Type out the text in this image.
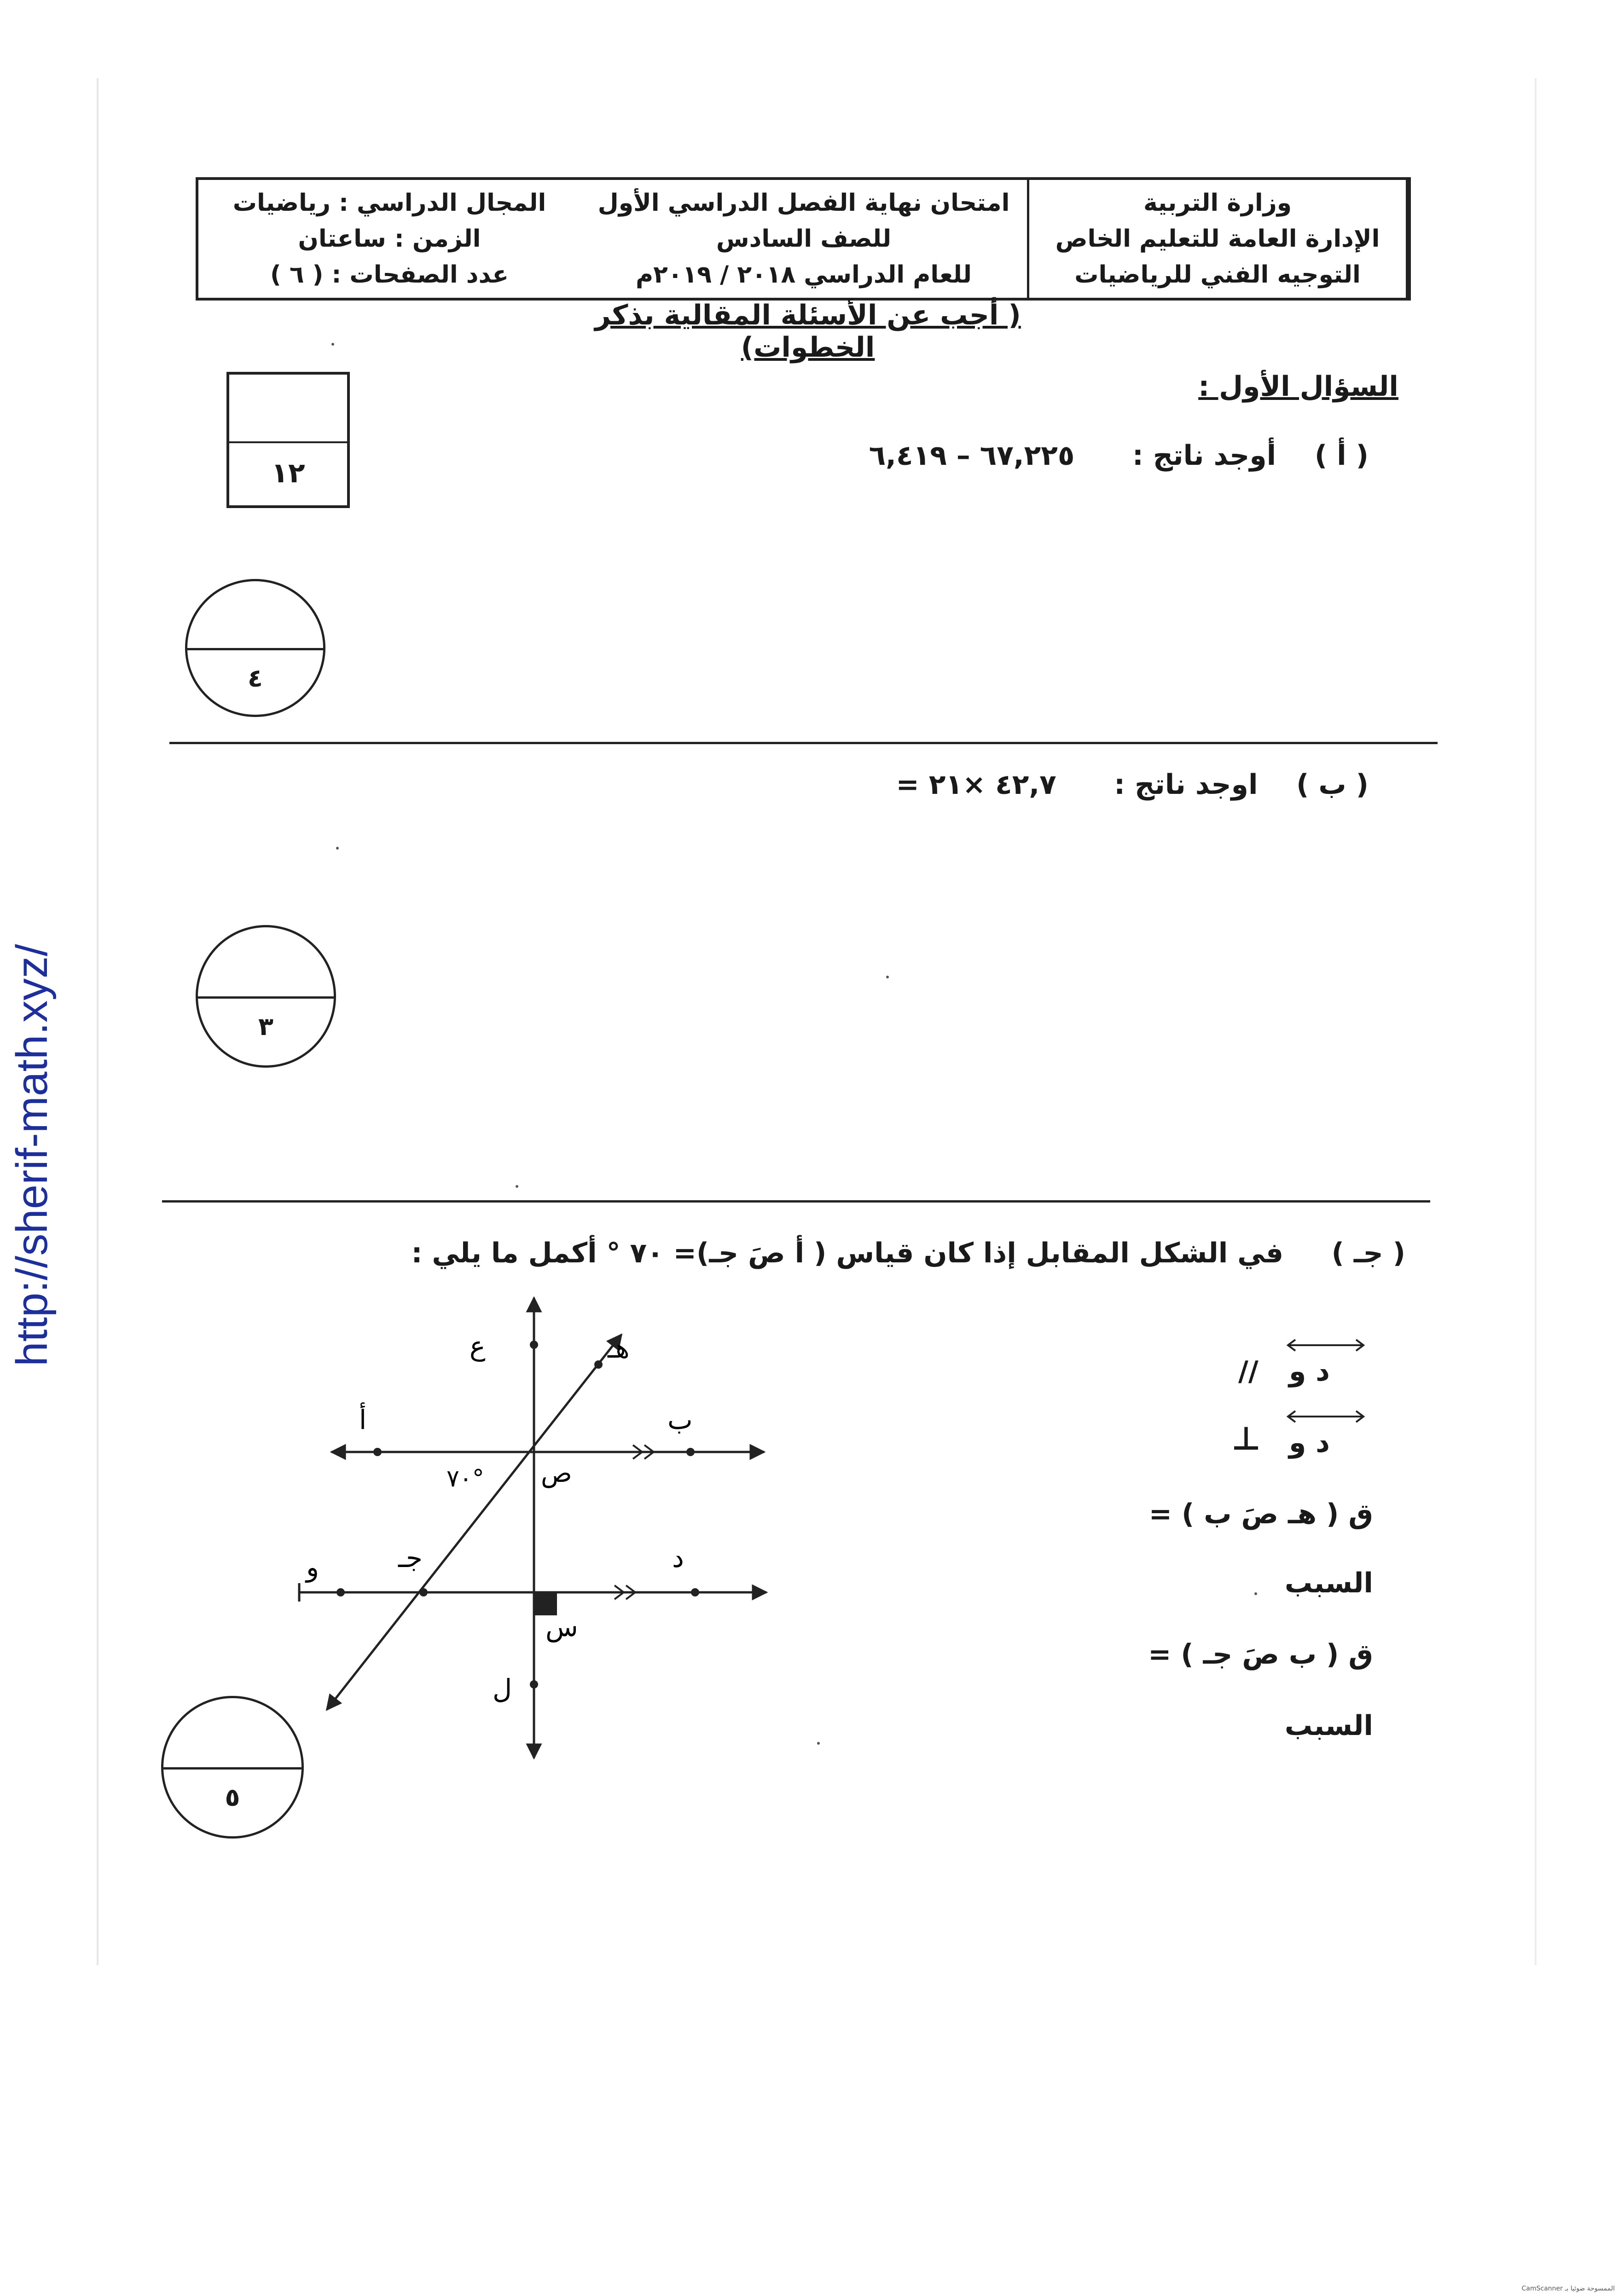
http://sherif-math.xyz/
المجال الدراسي : رياضيات
الزمن : ساعتان
عدد الصفحات : ( ٦ )
امتحان نهاية الفصل الدراسي الأول
للصف السادس
للعام الدراسي ٢٠١٨ / ٢٠١٩م
وزارة التربية
الإدارة العامة للتعليم الخاص
التوجيه الفني للرياضيات
( أجب عن الأسئلة المقالية بذكر الخطوات)
السؤال الأول :
١٢
( أ )    أوجد ناتج :      ٦٧,٢٢٥ – ٦,٤١٩
٤
( ب )    اوجد ناتج :      ٤٢,٧ ×٢١ =
٣
( جـ )     في الشكل المقابل إذا كان قياس ( أ صَ جـ)= ٧٠ ° أكمل ما يلي :
د و
//
د و
⊥
ق ( هـ صَ ب ) =
السبب
ق ( ب صَ جـ ) =
السبب
أ	ب
هـ
ع
ص
٧٠°
و	جـ	د
س
ل
٥
CamScanner الممسوحة ضوئيا بـ
